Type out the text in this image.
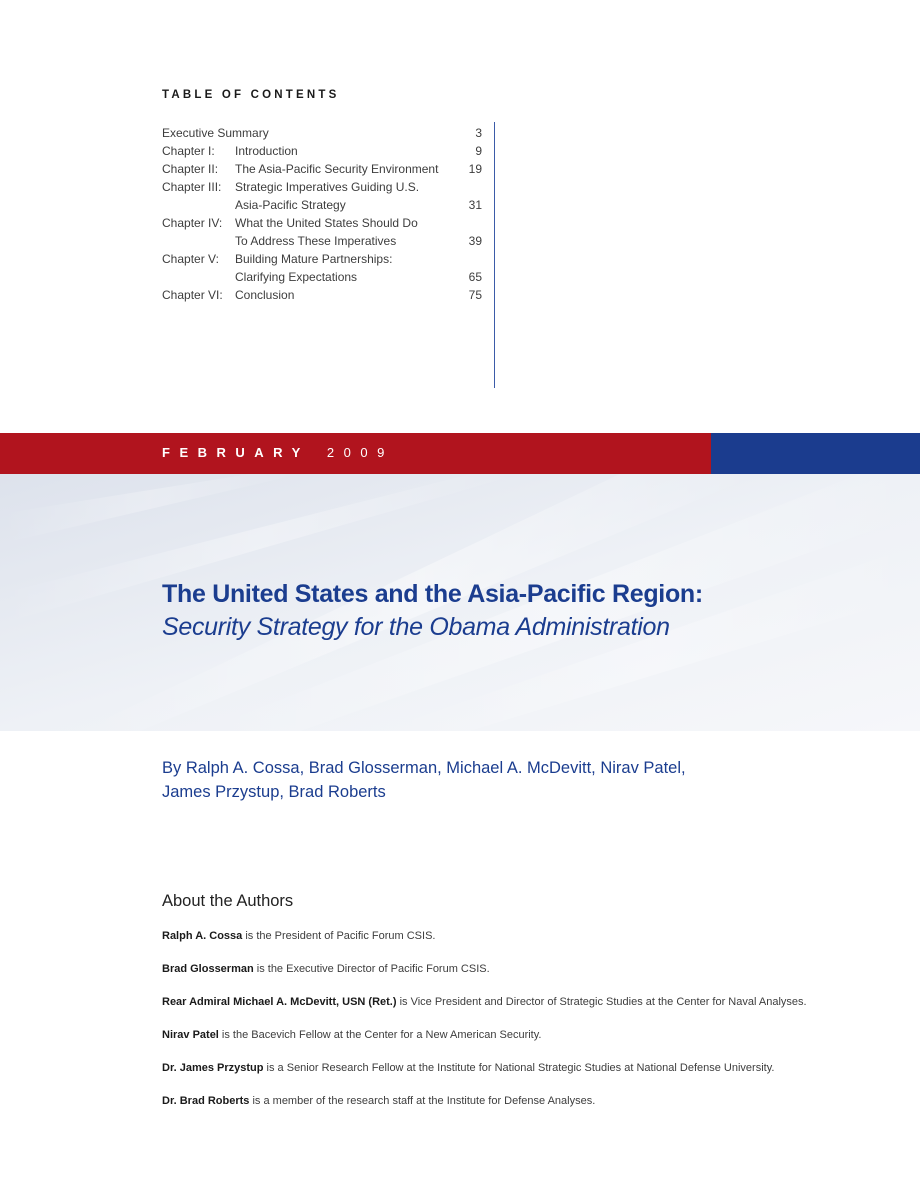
TABLE OF CONTENTS
Executive Summary	3
Chapter I:	Introduction	9
Chapter II:	The Asia-Pacific Security Environment	19
Chapter III:	Strategic Imperatives Guiding U.S.
Asia-Pacific Strategy	31
Chapter IV:	What the United States Should Do
To Address These Imperatives	39
Chapter V:	Building Mature Partnerships:
Clarifying Expectations	65
Chapter VI:	Conclusion	75
FEBRUARY 2009
The United States and the Asia-Pacific Region:
Security Strategy for the Obama Administration
By Ralph A. Cossa, Brad Glosserman, Michael A. McDevitt, Nirav Patel,
James Przystup, Brad Roberts
About the Authors
Ralph A. Cossa is the President of Pacific Forum CSIS.
Brad Glosserman is the Executive Director of Pacific Forum CSIS.
Rear Admiral Michael A. McDevitt, USN (Ret.) is Vice President and Director of Strategic Studies at the Center for Naval Analyses.
Nirav Patel is the Bacevich Fellow at the Center for a New American Security.
Dr. James Przystup is a Senior Research Fellow at the Institute for National Strategic Studies at National Defense University.
Dr. Brad Roberts is a member of the research staff at the Institute for Defense Analyses.
